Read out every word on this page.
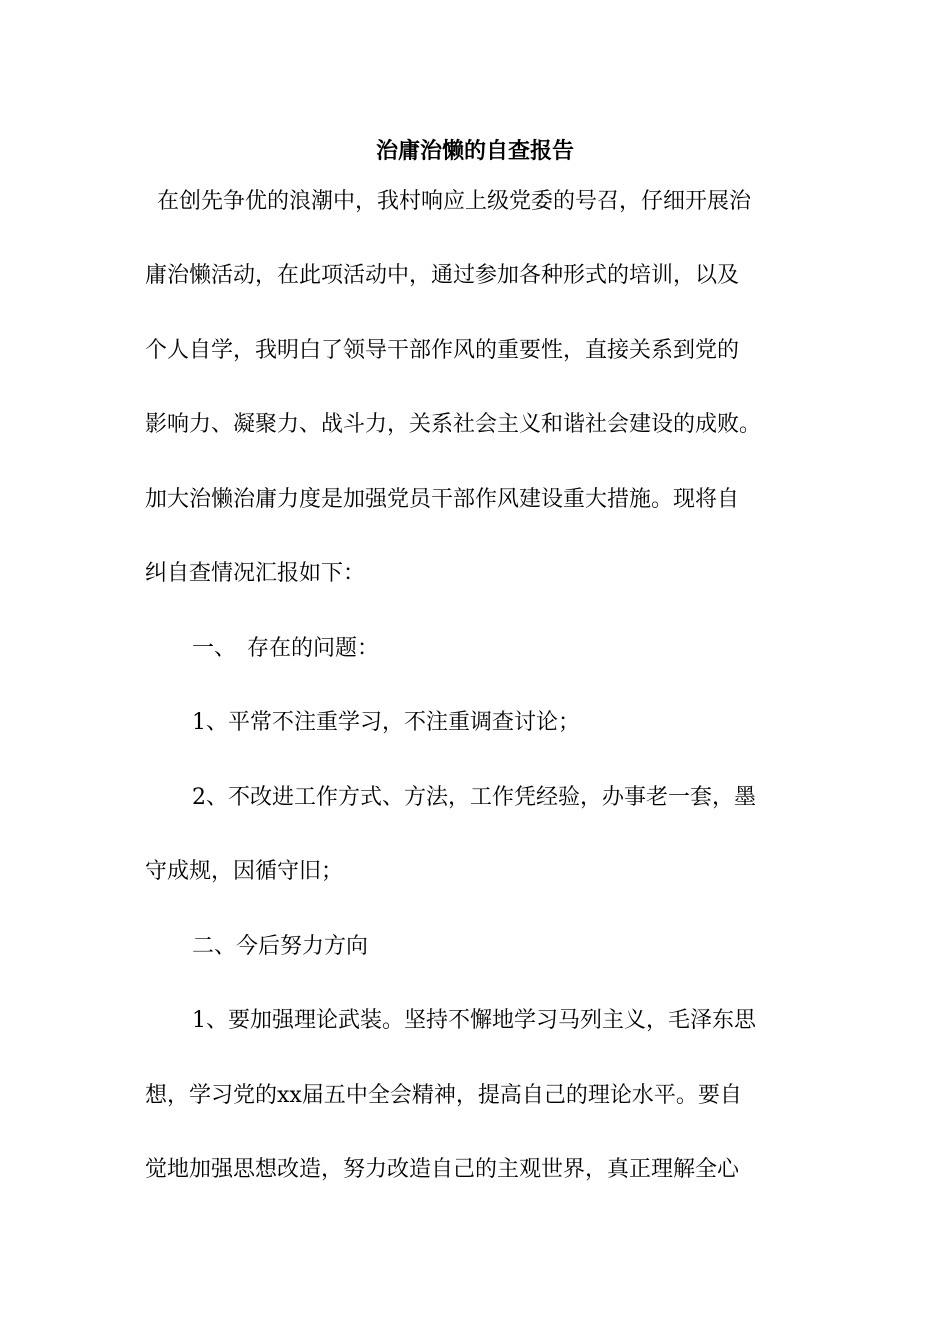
治庸治懒的自查报告
在创先争优的浪潮中，我村响应上级党委的号召，仔细开展治
庸治懒活动，在此项活动中，通过参加各种形式的培训，以及
个人自学，我明白了领导干部作风的重要性，直接关系到党的
影响力、凝聚力、战斗力，关系社会主义和谐社会建设的成败。
加大治懒治庸力度是加强党员干部作风建设重大措施。现将自
纠自查情况汇报如下：
一、　存在的问题：
1、平常不注重学习，不注重调查讨论；
2、不改进工作方式、方法，工作凭经验，办事老一套，墨
守成规，因循守旧；
二、今后努力方向
1、要加强理论武装。坚持不懈地学习马列主义，毛泽东思
想，学习党的xx届五中全会精神，提高自己的理论水平。要自
觉地加强思想改造，努力改造自己的主观世界，真正理解全心
